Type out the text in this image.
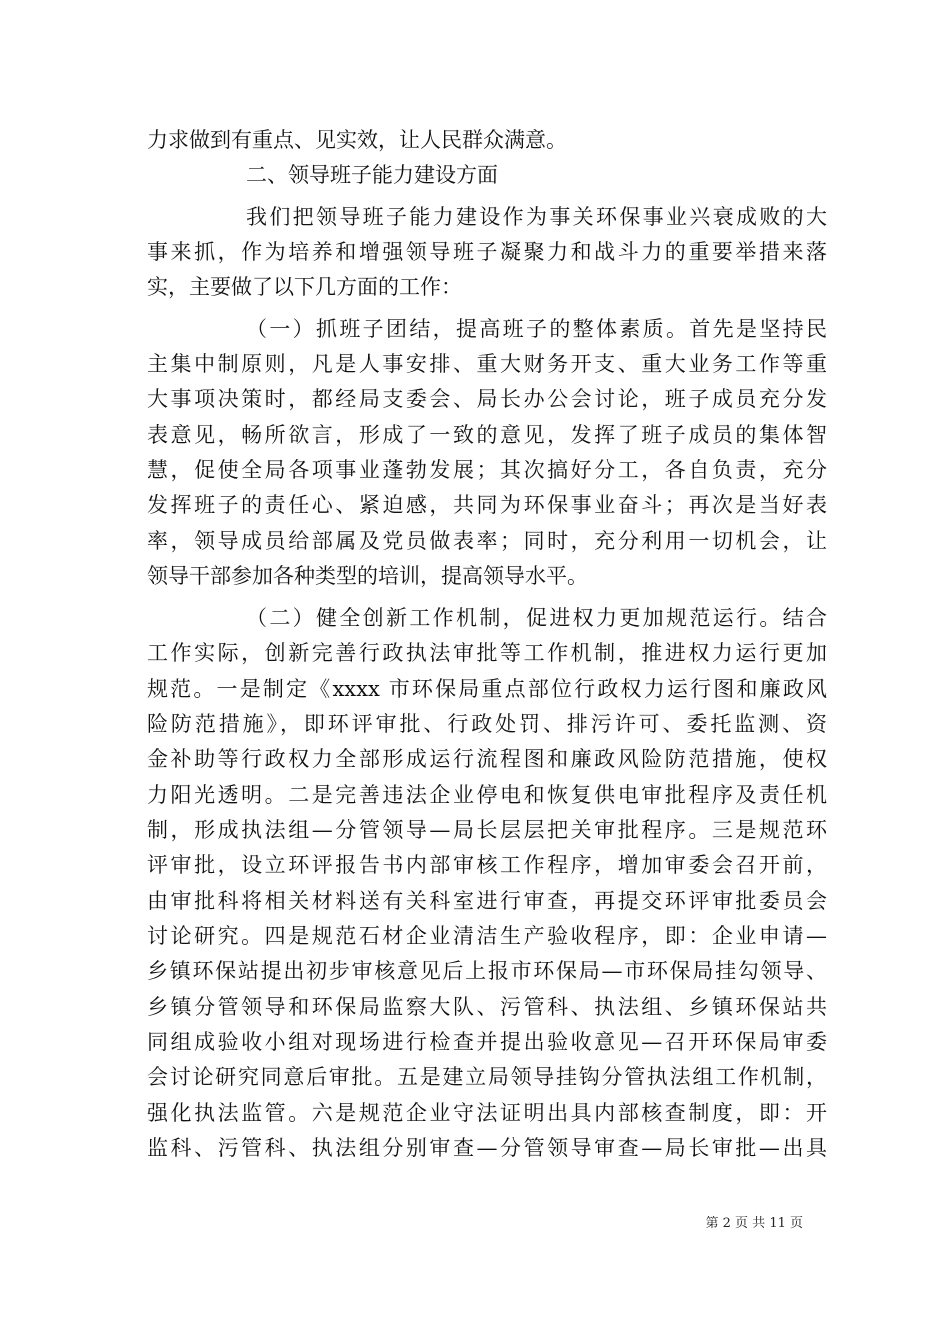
力求做到有重点、见实效，让人民群众满意。
二、领导班子能力建设方面
我们把领导班子能力建设作为事关环保事业兴衰成败的大
事来抓，作为培养和增强领导班子凝聚力和战斗力的重要举措来落
实，主要做了以下几方面的工作：
（一）抓班子团结，提高班子的整体素质。首先是坚持民
主集中制原则，凡是人事安排、重大财务开支、重大业务工作等重
大事项决策时，都经局支委会、局长办公会讨论，班子成员充分发
表意见，畅所欲言，形成了一致的意见，发挥了班子成员的集体智
慧，促使全局各项事业蓬勃发展；其次搞好分工，各自负责，充分
发挥班子的责任心、紧迫感，共同为环保事业奋斗；再次是当好表
率，领导成员给部属及党员做表率；同时，充分利用一切机会，让
领导干部参加各种类型的培训，提高领导水平。
（二）健全创新工作机制，促进权力更加规范运行。结合
工作实际，创新完善行政执法审批等工作机制，推进权力运行更加
规范。一是制定《xxxx 市环保局重点部位行政权力运行图和廉政风
险防范措施》，即环评审批、行政处罚、排污许可、委托监测、资
金补助等行政权力全部形成运行流程图和廉政风险防范措施，使权
力阳光透明。二是完善违法企业停电和恢复供电审批程序及责任机
制，形成执法组—分管领导—局长层层把关审批程序。三是规范环
评审批，设立环评报告书内部审核工作程序，增加审委会召开前，
由审批科将相关材料送有关科室进行审查，再提交环评审批委员会
讨论研究。四是规范石材企业清洁生产验收程序，即：企业申请—
乡镇环保站提出初步审核意见后上报市环保局—市环保局挂勾领导、
乡镇分管领导和环保局监察大队、污管科、执法组、乡镇环保站共
同组成验收小组对现场进行检查并提出验收意见—召开环保局审委
会讨论研究同意后审批。五是建立局领导挂钩分管执法组工作机制，
强化执法监管。六是规范企业守法证明出具内部核查制度，即：开
监科、污管科、执法组分别审查—分管领导审查—局长审批—出具
第 2 页 共 11 页
